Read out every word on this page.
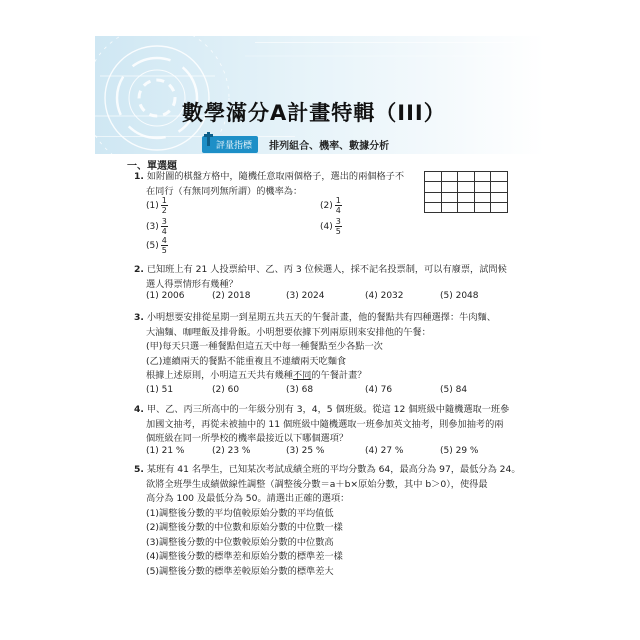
數學滿分A計畫特輯（III）
評量指標 排列組合、機率、數據分析
一、單選題
1. 如附圖的棋盤方格中，隨機任意取兩個格子，選出的兩個格子不
在同行（有無同列無所謂）的機率為：

$(1) \frac{1}{2}$	$(2) \frac{1}{4}$
$(3) \frac{3}{4}$	$(4) \frac{3}{5}$
$(5) \frac{4}{5}$
2. 已知班上有 21 人投票給甲、乙、丙 3 位候選人，採不記名投票制，可以有廢票，試問候
選人得票情形有幾種？
(1) 2006	(2) 2018	(3) 2024	(4) 2032	(5) 2048
3. 小明想要安排從星期一到星期五共五天的午餐計畫，他的餐點共有四種選擇：牛肉麵、
大滷麵、咖哩飯及排骨飯。小明想要依據下列兩原則來安排他的午餐：
(甲)每天只選一種餐點但這五天中每一種餐點至少各點一次
(乙)連續兩天的餐點不能重複且不連續兩天吃麵食
根據上述原則，小明這五天共有幾種不同的午餐計畫？
(1) 51	(2) 60	(3) 68	(4) 76	(5) 84
4. 甲、乙、丙三所高中的一年級分別有 3，4，5 個班級。從這 12 個班級中隨機選取一班參
加國文抽考，再從未被抽中的 11 個班級中隨機選取一班參加英文抽考，則參加抽考的兩
個班級在同一所學校的機率最接近以下哪個選項？
(1) 21 %	(2) 23 %	(3) 25 %	(4) 27 %	(5) 29 %
5. 某班有 41 名學生，已知某次考試成績全班的平均分數為 64，最高分為 97，最低分為 24。
欲將全班學生成績做線性調整（調整後分數＝a＋b×原始分數，其中 b＞0），使得最
高分為 100 及最低分為 50。請選出正確的選項：
(1)調整後分數的平均值較原始分數的平均值低
(2)調整後分數的中位數和原始分數的中位數一樣
(3)調整後分數的中位數較原始分數的中位數高
(4)調整後分數的標準差和原始分數的標準差一樣
(5)調整後分數的標準差較原始分數的標準差大
